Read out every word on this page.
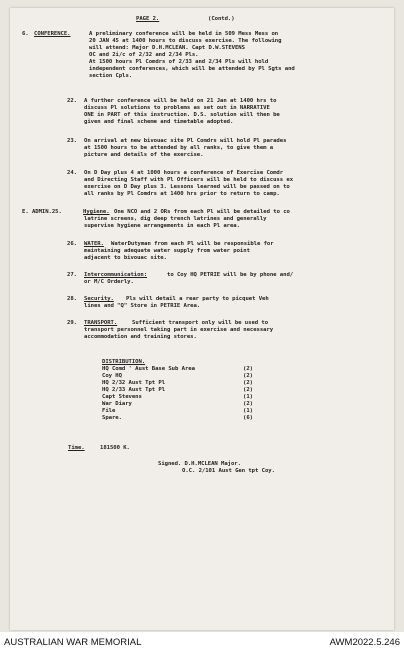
PAGE 2.	(Contd.)
6. CONFERENCE.	A preliminary conference will be held in 509 Mess Mess on
20 JAN 45 at 1400 hours to discuss exercise. The following
will attend: Major D.H.MCLEAN. Capt D.W.STEVENS
OC and 2i/c of 2/32 and 2/34 Pls.
At 1500 hours Pl Comdrs of 2/33 and 2/34 Pls will hold
independent conferences, which will be attended by Pl Sgts and
section Cpls.
22. A further conference will be held on 21 Jan at 1400 hrs to
discuss Pl solutions to problems as set out in NARRATIVE
ONE in PART of this instruction. D.S. solution will then be
given and final scheme and timetable adopted.
23. On arrival at new bivouac site Pl Comdrs will hold Pl parades
at 1500 hours to be attended by all ranks, to give them a
picture and details of the exercise.
24. On D Day plus 4 at 1000 hours a conference of Exercise Comdr
and Directing Staff with Pl Officers will be held to discuss ex
exercise on D Day plus 3. Lessons learned will be passed on to
all ranks by Pl Comdrs at 1400 hrs prior to return to camp.
E. ADMIN.25.	Hygiene. One NCO and 2 ORs from each Pl will be detailed to co
latrine screens, dig deep trench latrines and generally
supervise hygiene arrangements in each Pl area.
26. WATER. WaterDutyman from each Pl will be responsible for
maintaining adequate water supply from water point
adjacent to bivouac site.
27. Intercommunication:	to Coy HQ PETRIE will be by phone and/
or M/C Orderly.
28. Security. Pls will detail a rear party to picquet Veh
lines and "Q" Store in PETRIE Area.
29. TRANSPORT.	Sufficient transport only will be used to
transport personnel taking part in exercise and necessary
accommodation and training stores.
DISTRIBUTION.
HQ Comd ' Aust Base Sub Area	(2)
Coy HQ	(2)
HQ 2/32 Aust Tpt Pl	(2)
HQ 2/33 Aust Tpt Pl	(2)
Capt Stevens	(1)
War Diary	(2)
File	(1)
Spare.	(6)
Time.	181500 K.
Signed. D.H.MCLEAN Major.
O.C. 2/101 Aust Gen tpt Coy.
AUSTRALIAN WAR MEMORIAL	AWM2022.5.246
